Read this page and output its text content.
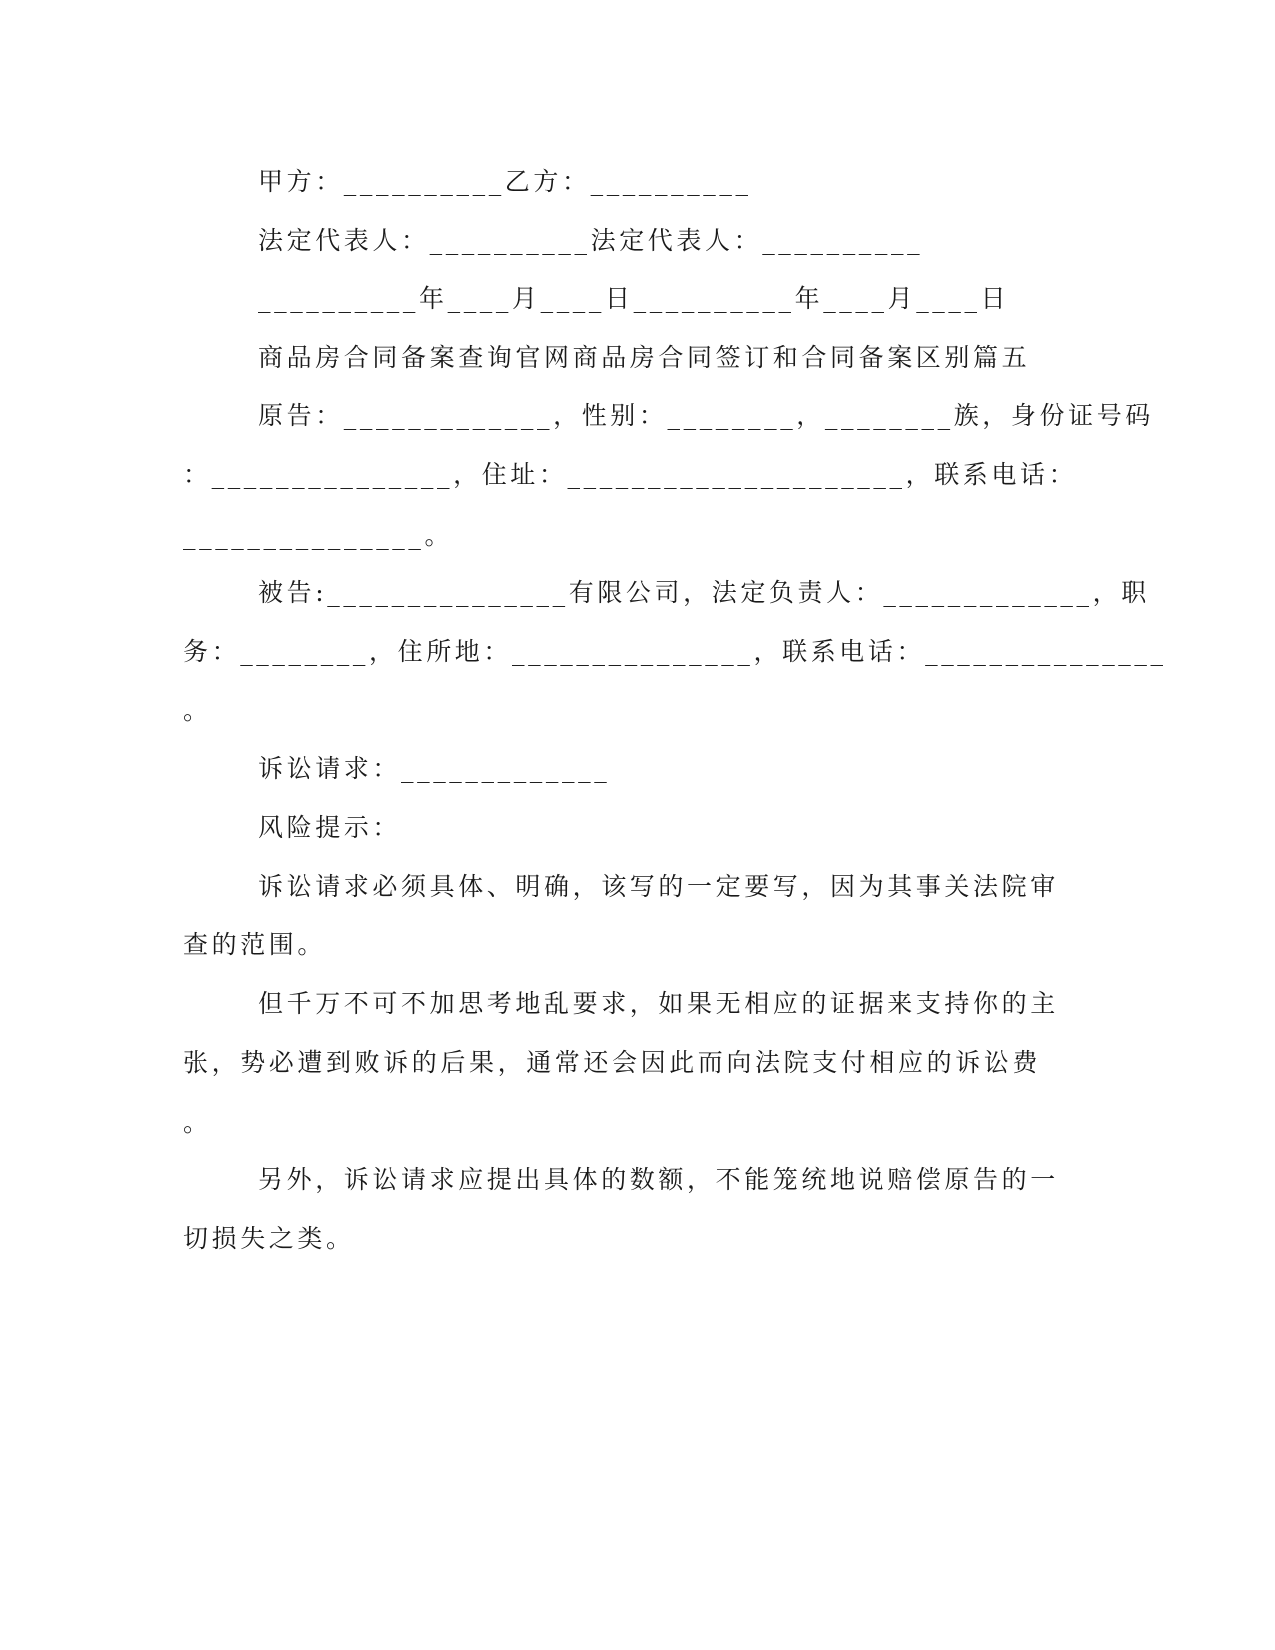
甲方：__________乙方：__________
法定代表人：__________法定代表人：__________
__________年____月____日__________年____月____日
商品房合同备案查询官网商品房合同签订和合同备案区别篇五
原告：_____________，性别：________，________族，身份证号码
：_______________，住址：_____________________，联系电话：
_______________。
被告:_______________有限公司，法定负责人：_____________，职
务：________，住所地：_______________，联系电话：_______________
。
诉讼请求：_____________
风险提示：
诉讼请求必须具体、明确，该写的一定要写，因为其事关法院审
查的范围。
但千万不可不加思考地乱要求，如果无相应的证据来支持你的主
张，势必遭到败诉的后果，通常还会因此而向法院支付相应的诉讼费
。
另外，诉讼请求应提出具体的数额，不能笼统地说赔偿原告的一
切损失之类。
